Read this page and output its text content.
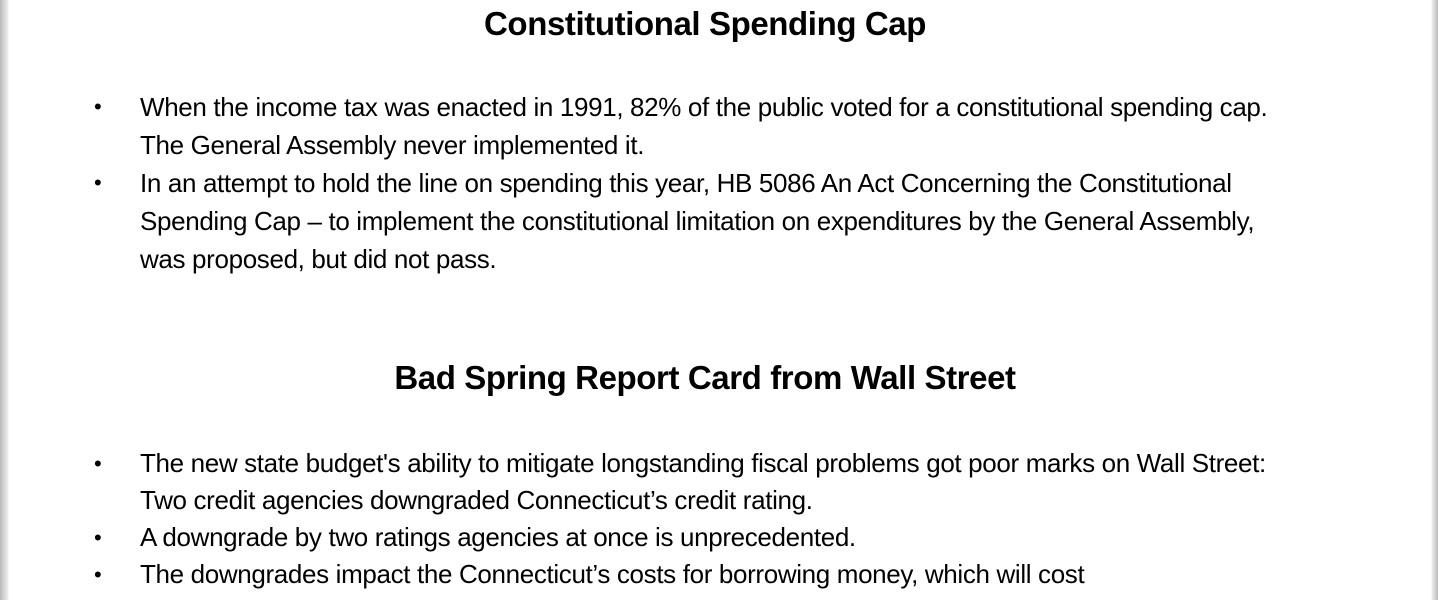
Constitutional Spending Cap
• When the income tax was enacted in 1991, 82% of the public voted for a constitutional spending cap. The General Assembly never implemented it.
• In an attempt to hold the line on spending this year, HB 5086 An Act Concerning the Constitutional Spending Cap – to implement the constitutional limitation on expenditures by the General Assembly, was proposed, but did not pass.
Bad Spring Report Card from Wall Street
• The new state budget's ability to mitigate longstanding fiscal problems got poor marks on Wall Street: Two credit agencies downgraded Connecticut’s credit rating.
• A downgrade by two ratings agencies at once is unprecedented.
• The downgrades impact the Connecticut’s costs for borrowing money, which will cost
